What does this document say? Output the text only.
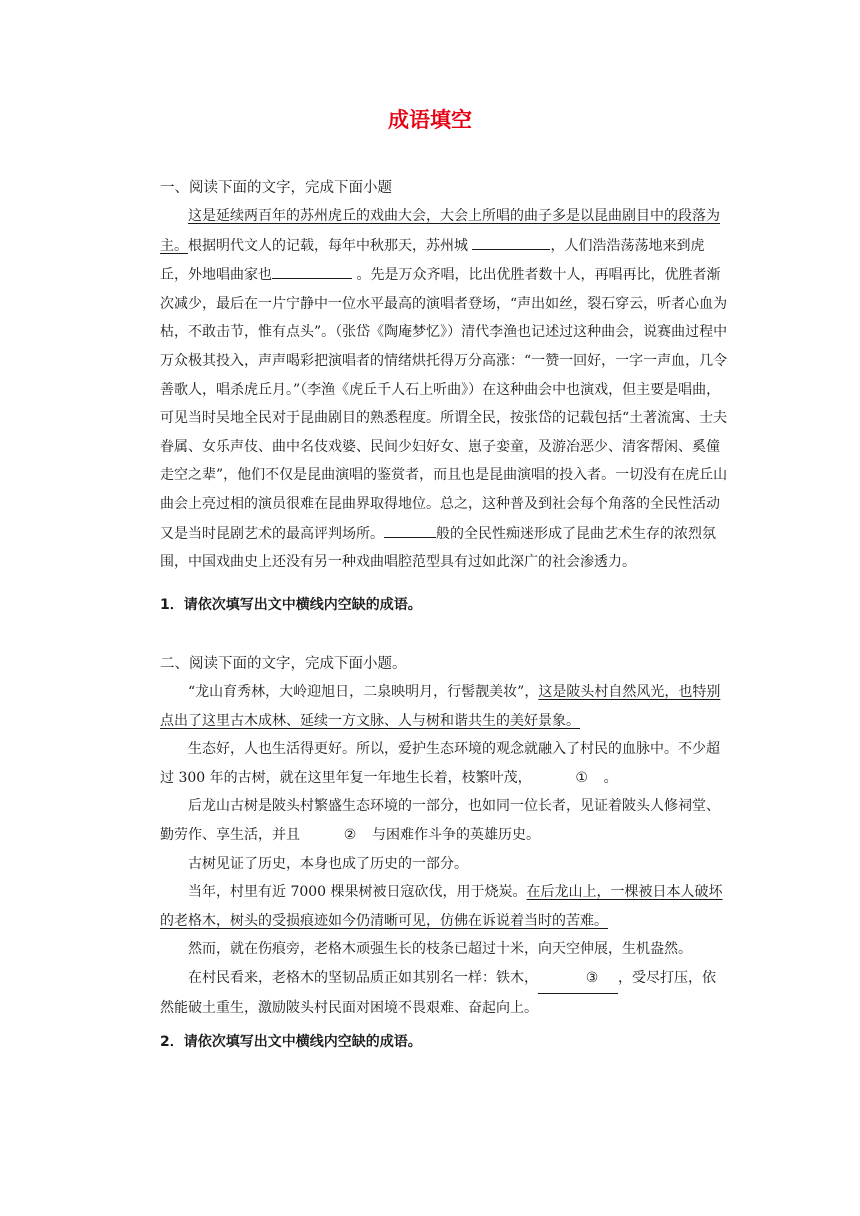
成语填空

一、阅读下面的文字，完成下面小题

这是延续两百年的苏州虎丘的戏曲大会，大会上所唱的曲子多是以昆曲剧目中的段落为主。根据明代文人的记载，每年中秋那天，苏州城	，人们浩浩荡荡地来到虎丘，外地唱曲家也	。先是万众齐唱，比出优胜者数十人，再唱再比，优胜者渐次减少，最后在一片宁静中一位水平最高的演唱者登场，“声出如丝，裂石穿云，听者心血为枯，不敢击节，惟有点头”。（张岱《陶庵梦忆》）清代李渔也记述过这种曲会，说赛曲过程中万众极其投入，声声喝彩把演唱者的情绪烘托得万分高涨：“一赞一回好，一字一声血，几令善歌人，唱杀虎丘月。”（李渔《虎丘千人石上听曲》）在这种曲会中也演戏，但主要是唱曲，可见当时吴地全民对于昆曲剧目的熟悉程度。所谓全民，按张岱的记载包括“土著流寓、士夫眷属、女乐声伎、曲中名伎戏婆、民间少妇好女、崽子娈童，及游冶恶少、清客帮闲、奚僮走空之辈”，他们不仅是昆曲演唱的鉴赏者，而且也是昆曲演唱的投入者。一切没有在虎丘山曲会上亮过相的演员很难在昆曲界取得地位。总之，这种普及到社会每个角落的全民性活动又是当时昆剧艺术的最高评判场所。	般的全民性痴迷形成了昆曲艺术生存的浓烈氛围，中国戏曲史上还没有另一种戏曲唱腔范型具有过如此深广的社会渗透力。

1．请依次填写出文中横线内空缺的成语。

二、阅读下面的文字，完成下面小题。

“龙山育秀林，大岭迎旭日，二泉映明月，行髻靓美妆”，这是陂头村自然风光，也特别点出了这里古木成林、延续一方文脉、人与树和谐共生的美好景象。

生态好，人也生活得更好。所以，爱护生态环境的观念就融入了村民的血脉中。不少超过 300 年的古树，就在这里年复一年地生长着，枝繁叶茂，	① 。

后龙山古树是陂头村繁盛生态环境的一部分，也如同一位长者，见证着陂头人修祠堂、勤劳作、享生活，并且	② 与困难作斗争的英雄历史。

古树见证了历史，本身也成了历史的一部分。

当年，村里有近 7000 棵果树被日寇砍伐，用于烧炭。在后龙山上，一棵被日本人破坏的老格木，树头的受损痕迹如今仍清晰可见，仿佛在诉说着当时的苦难。

然而，就在伤痕旁，老格木顽强生长的枝条已超过十米，向天空伸展，生机盎然。

在村民看来，老格木的坚韧品质正如其别名一样：铁木，	③ ，受尽打压，依然能破土重生，激励陂头村民面对困境不畏艰难、奋起向上。

2．请依次填写出文中横线内空缺的成语。
